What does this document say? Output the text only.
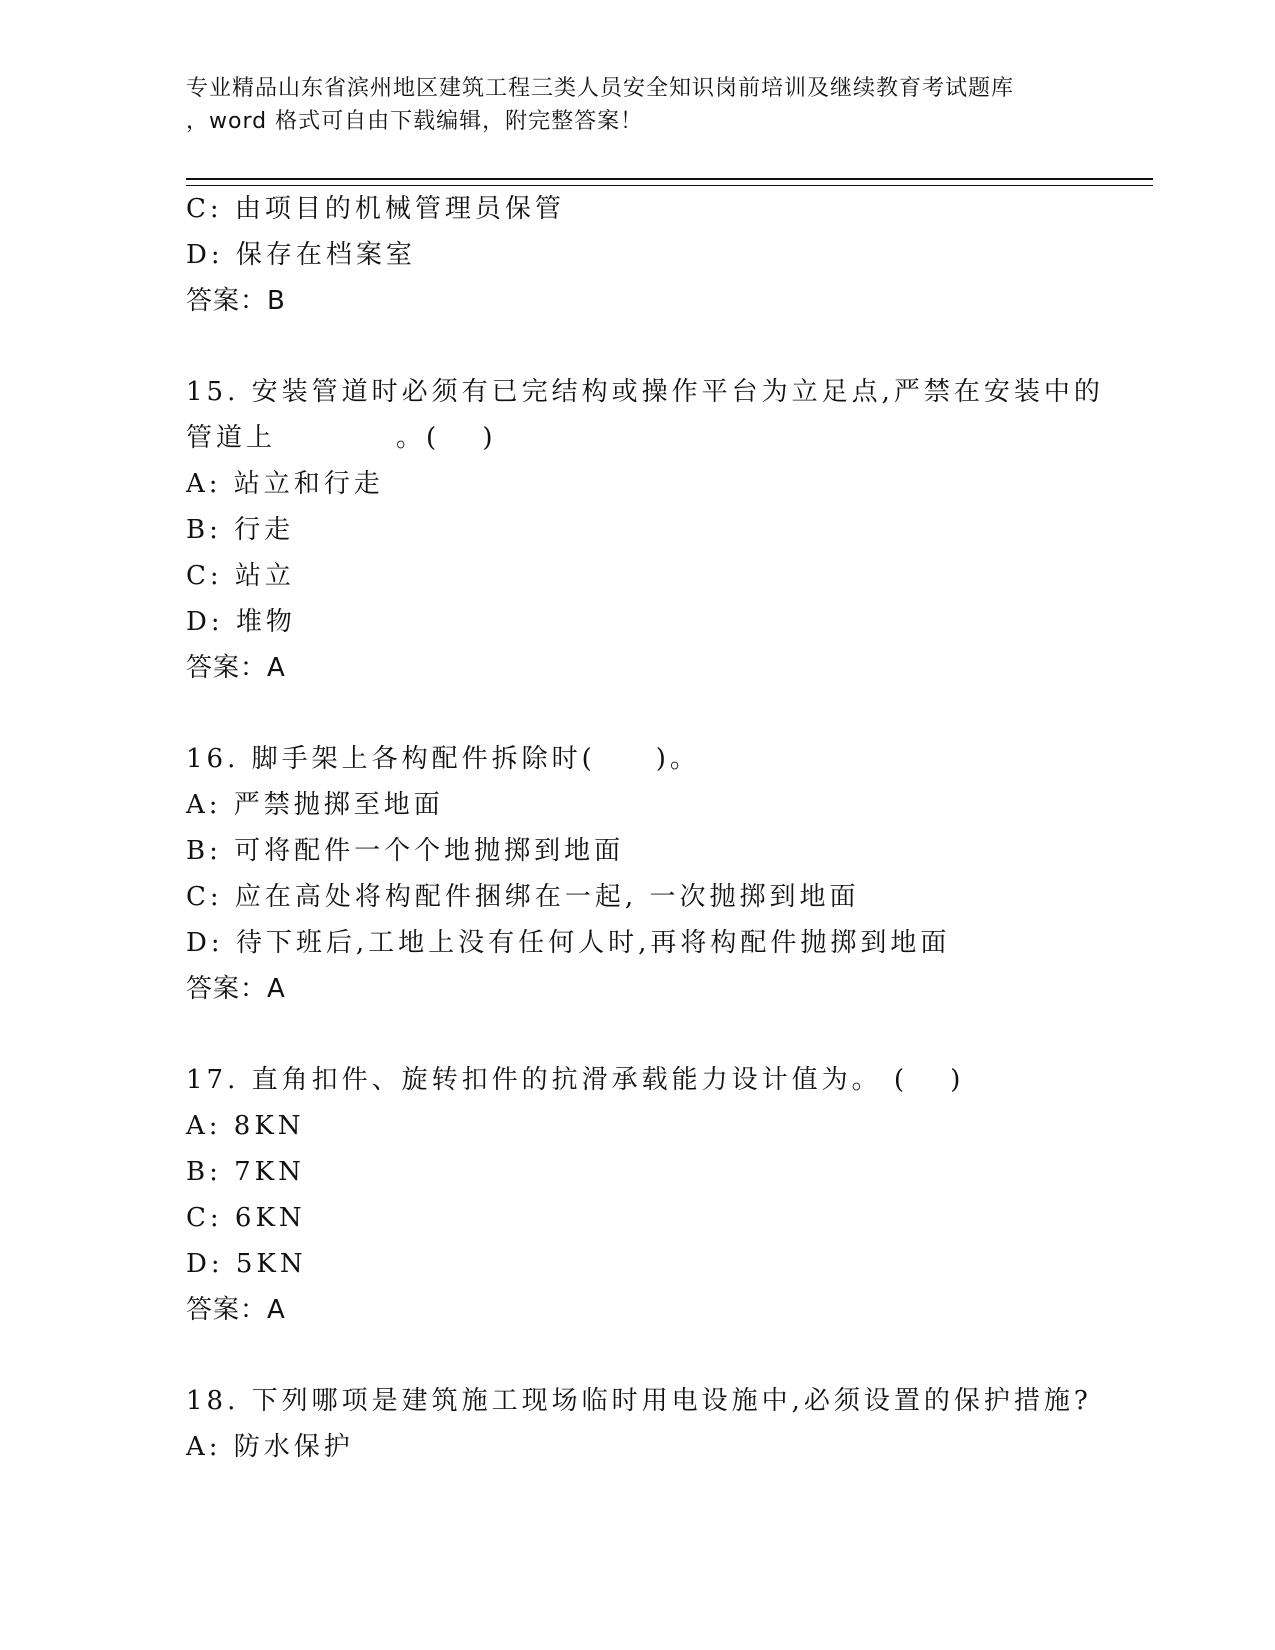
专业精品山东省滨州地区建筑工程三类人员安全知识岗前培训及继续教育考试题库
，word 格式可自由下载编辑，附完整答案！
C: 由项目的机械管理员保管
D: 保存在档案室
答案：B
15. 安装管道时必须有已完结构或操作平台为立足点,严禁在安装中的
管道上　　　　。(　 )
A: 站立和行走
B: 行走
C: 站立
D: 堆物
答案：A
16. 脚手架上各构配件拆除时(　　)。
A: 严禁抛掷至地面
B: 可将配件一个个地抛掷到地面
C: 应在高处将构配件捆绑在一起, 一次抛掷到地面
D: 待下班后,工地上没有任何人时,再将构配件抛掷到地面
答案：A
17. 直角扣件、旋转扣件的抗滑承载能力设计值为。 (　 )
A: 8KN
B: 7KN
C: 6KN
D: 5KN
答案：A
18. 下列哪项是建筑施工现场临时用电设施中,必须设置的保护措施?
A: 防水保护
